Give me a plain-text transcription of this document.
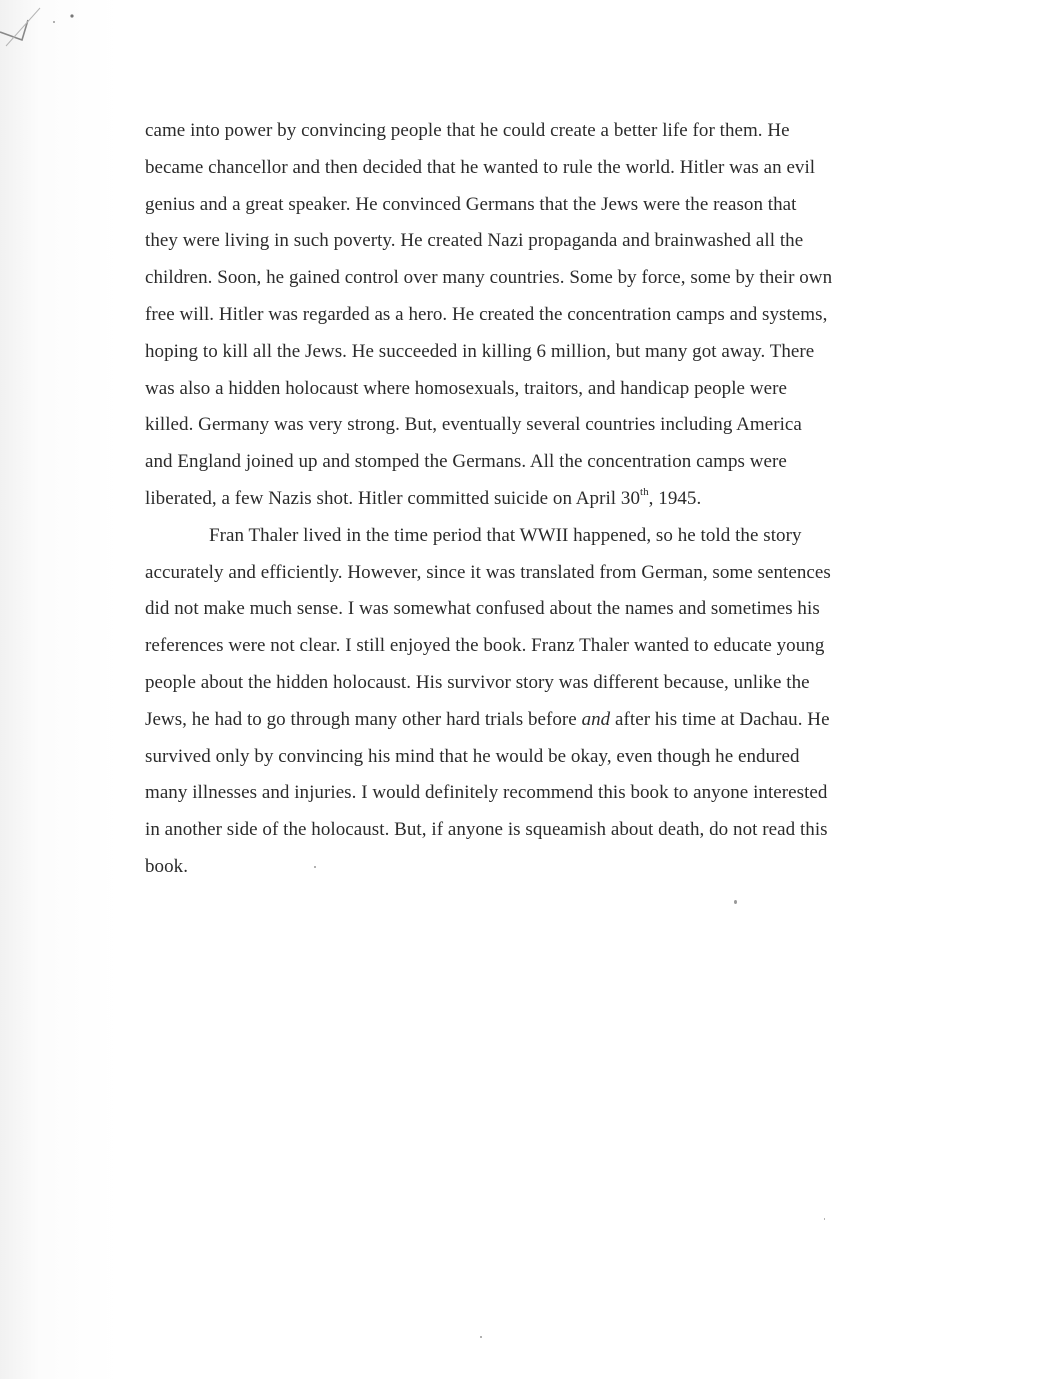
came into power by convincing people that he could create a better life for them. He
became chancellor and then decided that he wanted to rule the world. Hitler was an evil
genius and a great speaker. He convinced Germans that the Jews were the reason that
they were living in such poverty. He created Nazi propaganda and brainwashed all the
children. Soon, he gained control over many countries. Some by force, some by their own
free will. Hitler was regarded as a hero. He created the concentration camps and systems,
hoping to kill all the Jews. He succeeded in killing 6 million, but many got away. There
was also a hidden holocaust where homosexuals, traitors, and handicap people were
killed. Germany was very strong. But, eventually several countries including America
and England joined up and stomped the Germans. All the concentration camps were
liberated, a few Nazis shot. Hitler committed suicide on April 30th, 1945.
Fran Thaler lived in the time period that WWII happened, so he told the story
accurately and efficiently. However, since it was translated from German, some sentences
did not make much sense. I was somewhat confused about the names and sometimes his
references were not clear. I still enjoyed the book. Franz Thaler wanted to educate young
people about the hidden holocaust. His survivor story was different because, unlike the
Jews, he had to go through many other hard trials before and after his time at Dachau. He
survived only by convincing his mind that he would be okay, even though he endured
many illnesses and injuries. I would definitely recommend this book to anyone interested
in another side of the holocaust. But, if anyone is squeamish about death, do not read this
book.
